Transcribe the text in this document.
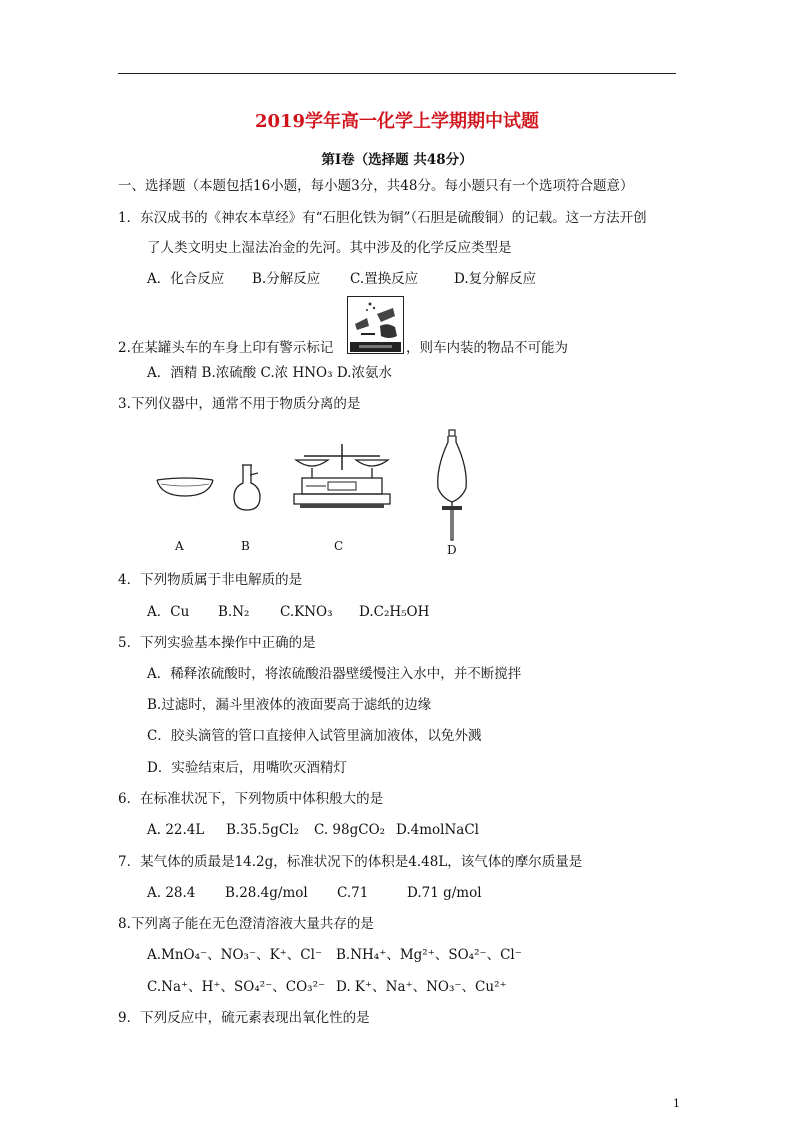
2019学年高一化学上学期期中试题
第Ⅰ卷（选择题 共48分）
一、选择题（本题包括16小题，每小题3分，共48分。每小题只有一个选项符合题意）
1．东汉成书的《神农本草经》有“石胆化铁为铜”（石胆是硫酸铜）的记载。这一方法开创
了人类文明史上湿法冶金的先河。其中涉及的化学反应类型是
A．化合反应 B.分解反应 C.置换反应	D.复分解反应
2.在某罐头车的车身上印有警示标记	，则车内装的物品不可能为
A．酒精 B.浓硫酸 C.浓 HNO₃ D.浓氨水
3.下列仪器中，通常不用于物质分离的是
A	B	C	D
4．下列物质属于非电解质的是
A．Cu B.N₂ C.KNO₃ D.C₂H₅OH
5．下列实验基本操作中正确的是
A．稀释浓硫酸时，将浓硫酸沿器壁缓慢注入水中，并不断搅拌
B.过滤时，漏斗里液体的液面要高于滤纸的边缘
C．胶头滴管的管口直接伸入试管里滴加液体，以免外溅
D．实验结束后，用嘴吹灭酒精灯
6．在标准状况下，下列物质中体积般大的是
A. 22.4L B.35.5gCl₂ C. 98gCO₂ D.4molNaCl
7．某气体的质最是14.2g，标准状况下的体积是4.48L，该气体的摩尔质量是
A. 28.4 B.28.4g/mol C.71	D.71 g/mol
8.下列离子能在无色澄清溶液大量共存的是
A.MnO₄⁻、NO₃⁻、K⁺、Cl⁻ B.NH₄⁺、Mg²⁺、SO₄²⁻、Cl⁻
C.Na⁺、H⁺、SO₄²⁻、CO₃²⁻ D. K⁺、Na⁺、NO₃⁻、Cu²⁺
9．下列反应中，硫元素表现出氧化性的是
1
